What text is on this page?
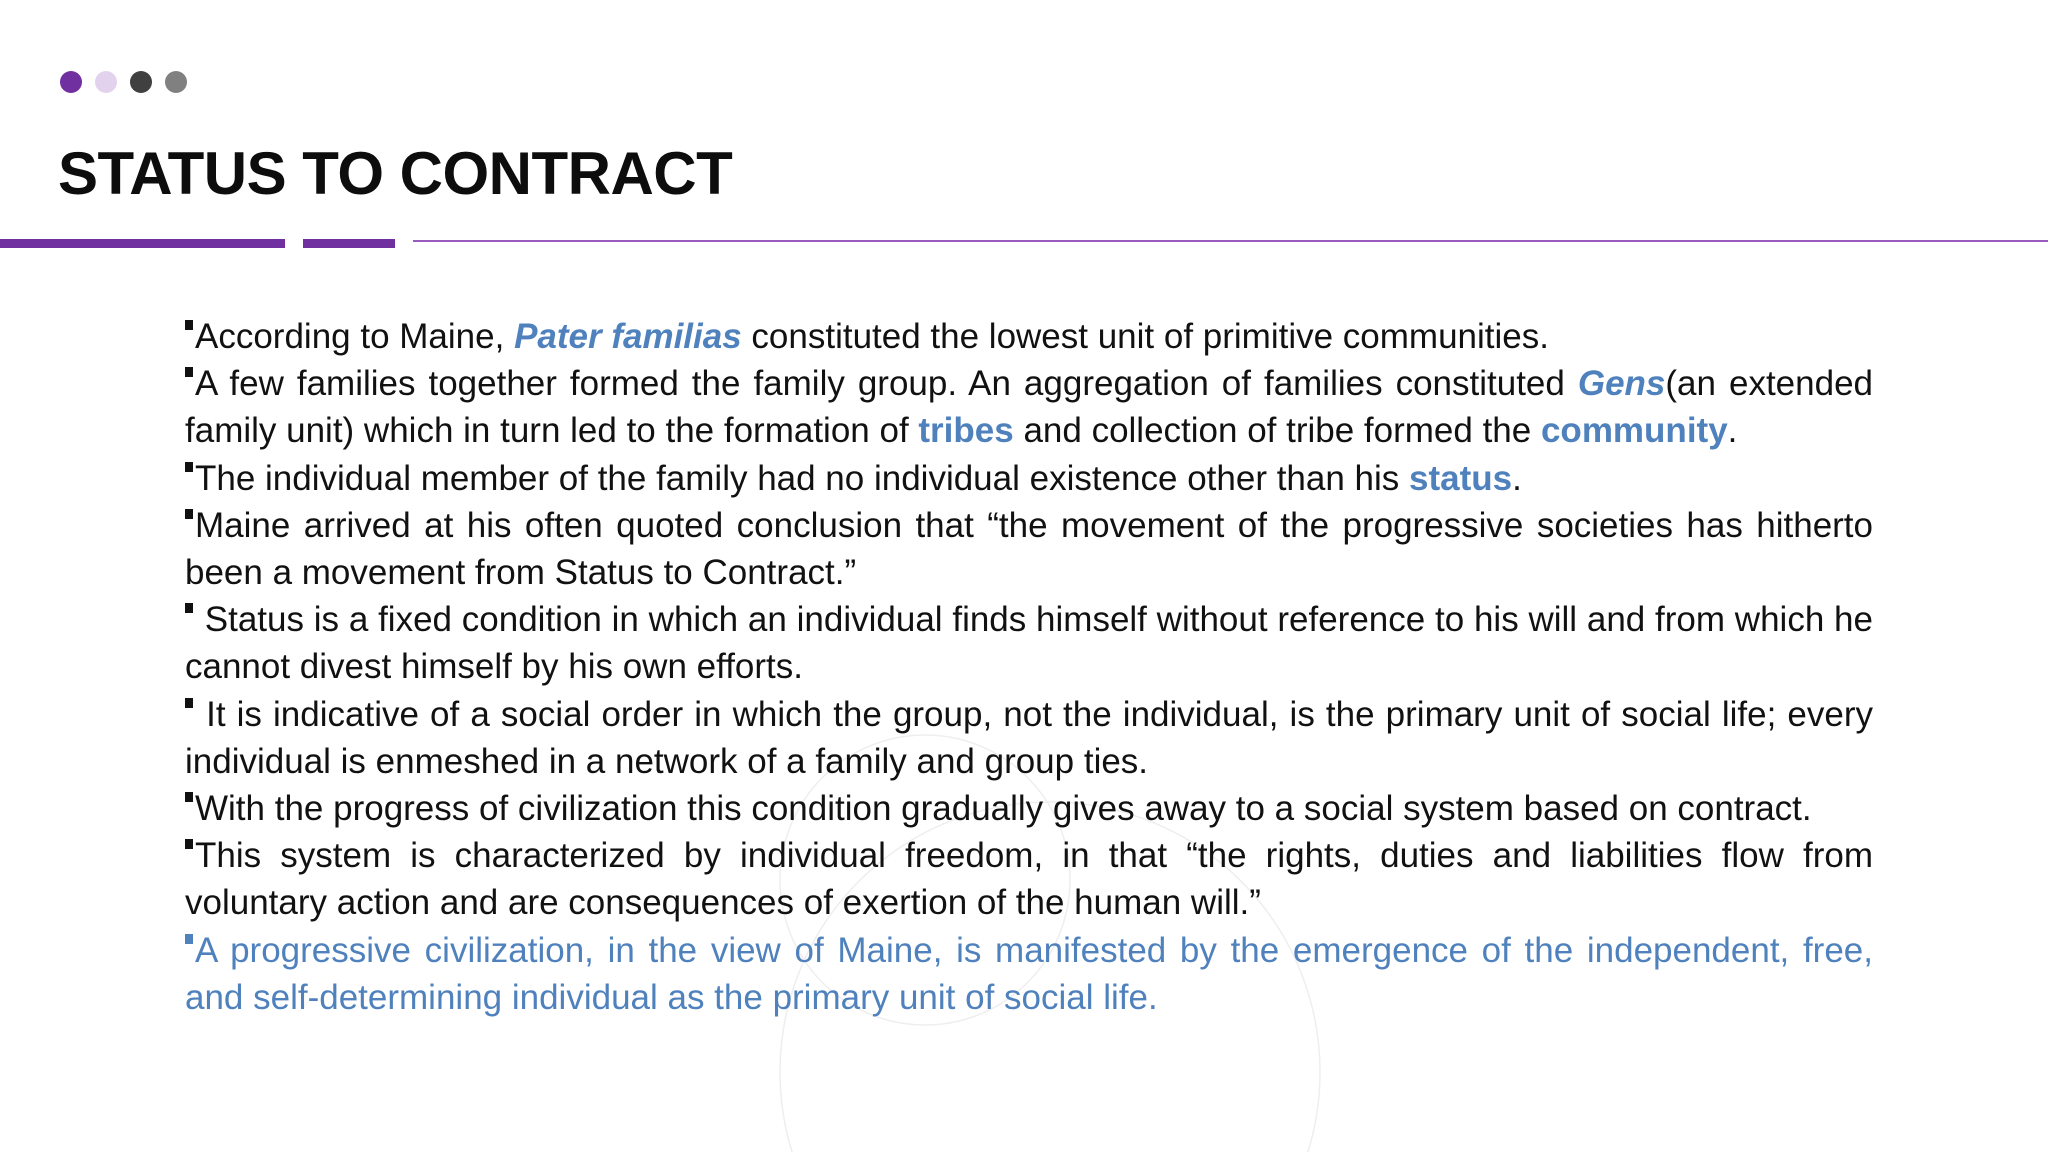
STATUS TO CONTRACT

According to Maine, Pater familias constituted the lowest unit of primitive communities.

A few families together formed the family group. An aggregation of families constituted Gens(an extended family unit) which in turn led to the formation of tribes and collection of tribe formed the community.

The individual member of the family had no individual existence other than his status.

Maine arrived at his often quoted conclusion that “the movement of the progressive societies has hitherto been a movement from Status to Contract.”

Status is a fixed condition in which an individual finds himself without reference to his will and from which he cannot divest himself by his own efforts.

It is indicative of a social order in which the group, not the individual, is the primary unit of social life; every individual is enmeshed in a network of a family and group ties.

With the progress of civilization this condition gradually gives away to a social system based on contract.

This system is characterized by individual freedom, in that “the rights, duties and liabilities flow from voluntary action and are consequences of exertion of the human will.”

A progressive civilization, in the view of Maine, is manifested by the emergence of the independent, free, and self-determining individual as the primary unit of social life.
